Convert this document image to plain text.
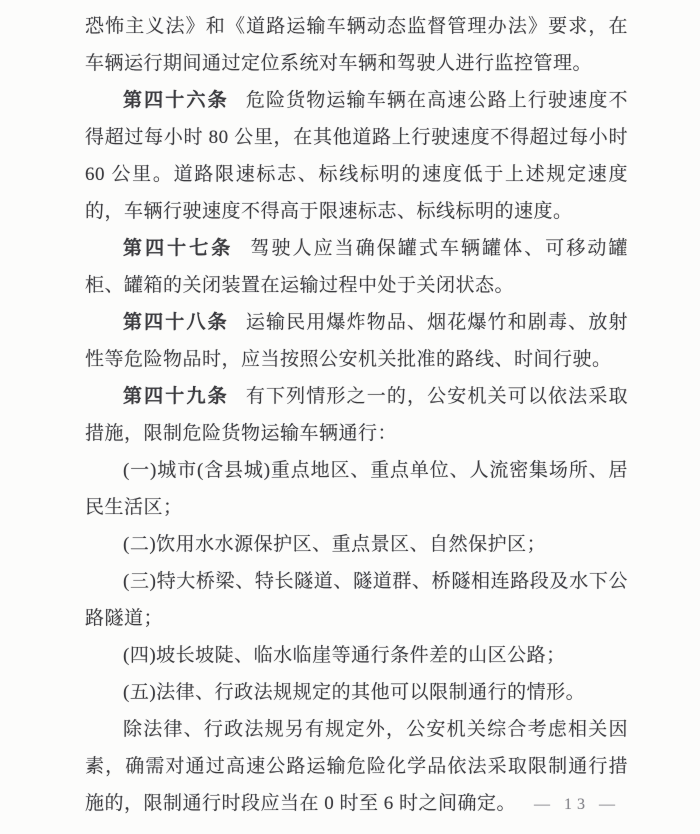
恐怖主义法》和《道路运输车辆动态监督管理办法》要求，在车辆运行期间通过定位系统对车辆和驾驶人进行监控管理。

第四十六条 危险货物运输车辆在高速公路上行驶速度不得超过每小时 80 公里，在其他道路上行驶速度不得超过每小时 60 公里。道路限速标志、标线标明的速度低于上述规定速度的，车辆行驶速度不得高于限速标志、标线标明的速度。

第四十七条 驾驶人应当确保罐式车辆罐体、可移动罐柜、罐箱的关闭装置在运输过程中处于关闭状态。

第四十八条 运输民用爆炸物品、烟花爆竹和剧毒、放射性等危险物品时，应当按照公安机关批准的路线、时间行驶。

第四十九条 有下列情形之一的，公安机关可以依法采取措施，限制危险货物运输车辆通行：

(一)城市(含县城)重点地区、重点单位、人流密集场所、居民生活区；

(二)饮用水水源保护区、重点景区、自然保护区；

(三)特大桥梁、特长隧道、隧道群、桥隧相连路段及水下公路隧道；

(四)坡长坡陡、临水临崖等通行条件差的山区公路；

(五)法律、行政法规规定的其他可以限制通行的情形。

除法律、行政法规另有规定外，公安机关综合考虑相关因素，确需对通过高速公路运输危险化学品依法采取限制通行措施的，限制通行时段应当在 0 时至 6 时之间确定。	— 13 —
